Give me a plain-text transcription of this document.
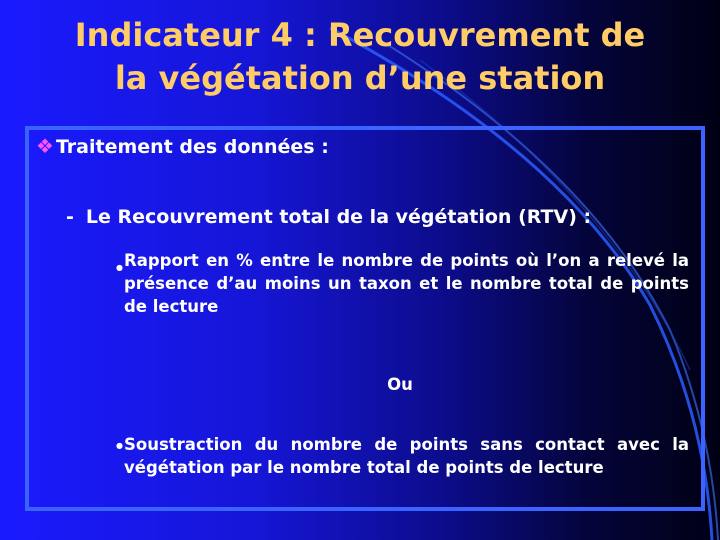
Indicateur 4 : Recouvrement de
la végétation d’une station
❖ Traitement des données :
- Le Recouvrement total de la végétation (RTV) :
● Rapport en % entre le nombre de points où l’on a relevé la présence d’au moins un taxon et le nombre total de points de lecture
Ou
● Soustraction du nombre de points sans contact avec la végétation par le nombre total de points de lecture
